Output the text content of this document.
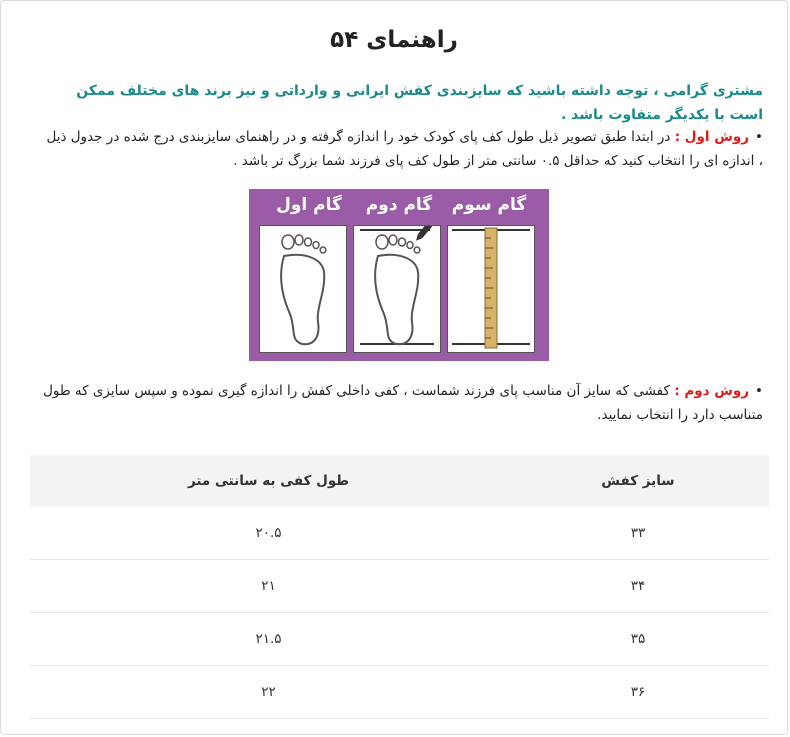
راهنمای ۵۴
مشتری گرامی ، توجه داشته باشید که سایزبندی کفش ایرانی و وارداتی و نیز برند های مختلف ممکن است با یکدیگر متفاوت باشد .
•روش اول : در ابتدا طبق تصویر ذیل طول کف پای کودک خود را اندازه گرفته و در راهنمای سایزبندی درج شده در جدول ذیل ، اندازه ای را انتخاب کنید که حداقل ۰.۵ سانتی متر از طول کف پای فرزند شما بزرگ تر باشد .
گام اول	گام دوم	گام سوم
•روش دوم : کفشی که سایز آن مناسب پای فرزند شماست ، کفی داخلی کفش را اندازه گیری نموده و سپس سایزی که طول متناسب دارد را انتخاب نمایید.
سایز کفش	طول کفی به سانتی متر
۳۳	۲۰.۵
۳۴	۲۱
۳۵	۲۱.۵
۳۶	۲۲
